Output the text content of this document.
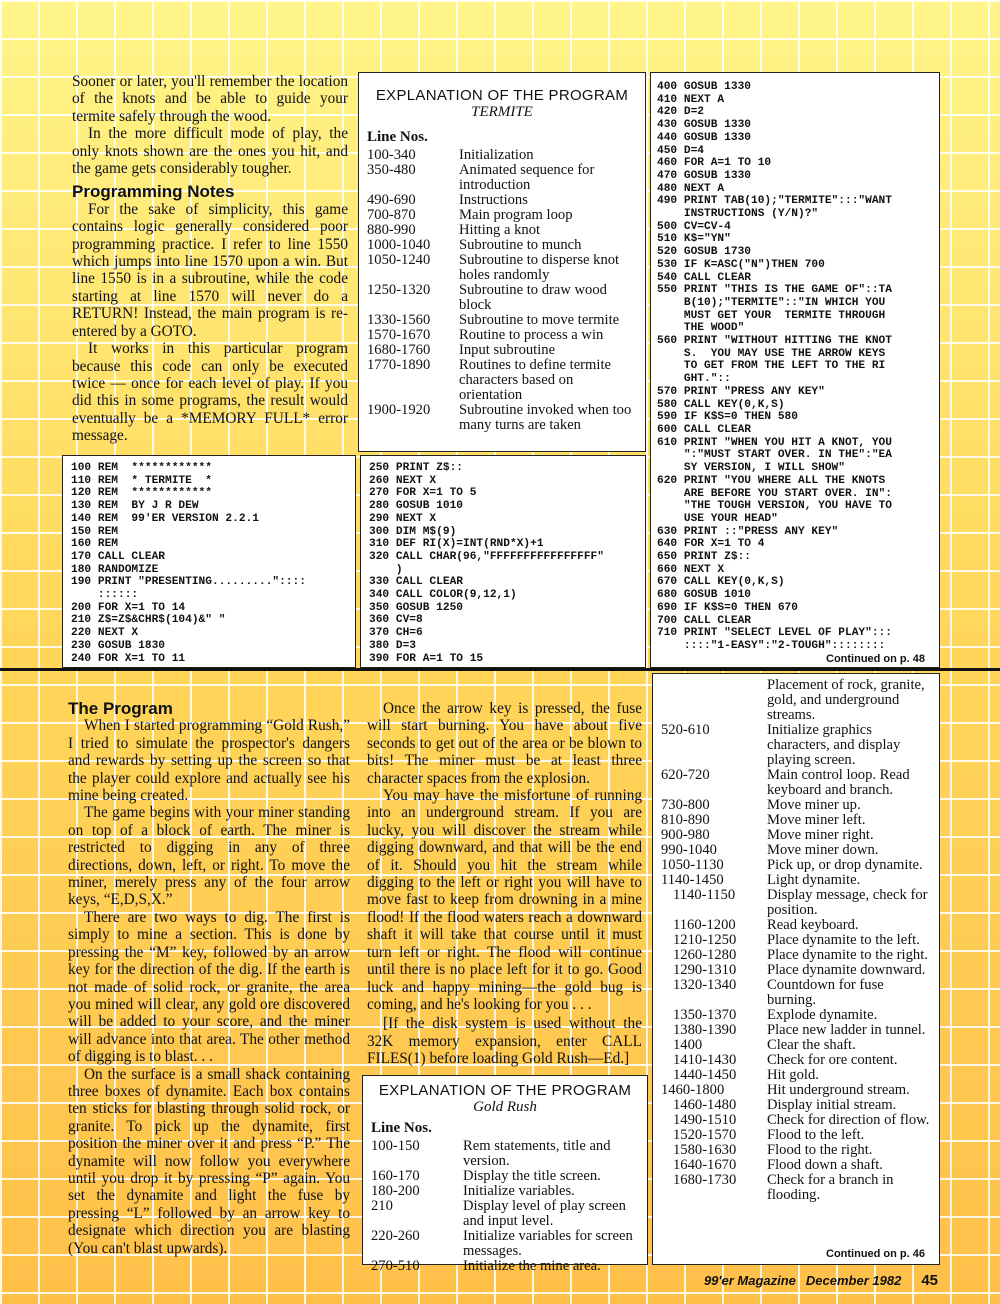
Sooner or later, you'll remember the location of the knots and be able to guide your termite safely through the wood.

In the more difficult mode of play, the only knots shown are the ones you hit, and the game gets considerably tougher.

Programming Notes

For the sake of simplicity, this game contains logic generally considered poor programming practice. I refer to line 1550 which jumps into line 1570 upon a win. But line 1550 is in a subroutine, while the code starting at line 1570 will never do a RETURN! Instead, the main program is re-entered by a GOTO.

It works in this particular program because this code can only be executed twice — once for each level of play. If you did this in some programs, the result would eventually be a *MEMORY FULL* error message.

EXPLANATION OF THE PROGRAM
TERMITE
Line Nos.
100-340	Initialization
350-480	Animated sequence for introduction
490-690	Instructions
700-870	Main program loop
880-990	Hitting a knot
1000-1040	Subroutine to munch
1050-1240	Subroutine to disperse knot holes randomly
1250-1320	Subroutine to draw wood block
1330-1560	Subroutine to move termite
1570-1670	Routine to process a win
1680-1760	Input subroutine
1770-1890	Routines to define termite characters based on orientation
1900-1920	Subroutine invoked when too many turns are taken
400 GOSUB 1330
410 NEXT A
420 D=2
430 GOSUB 1330
440 GOSUB 1330
450 D=4
460 FOR A=1 TO 10
470 GOSUB 1330
480 NEXT A
490 PRINT TAB(10);"TERMITE":::"WANT
INSTRUCTIONS (Y/N)?"
500 CV=CV-4
510 K$="YN"
520 GOSUB 1730
530 IF K=ASC("N")THEN 700
540 CALL CLEAR
550 PRINT "THIS IS THE GAME OF"::TA
B(10);"TERMITE"::"IN WHICH YOU
MUST GET YOUR  TERMITE THROUGH
THE WOOD"
560 PRINT "WITHOUT HITTING THE KNOT
S.  YOU MAY USE THE ARROW KEYS
TO GET FROM THE LEFT TO THE RI
GHT."::
570 PRINT "PRESS ANY KEY"
580 CALL KEY(0,K,S)
590 IF K$S=0 THEN 580
600 CALL CLEAR
610 PRINT "WHEN YOU HIT A KNOT, YOU
":"MUST START OVER. IN THE":"EA
SY VERSION, I WILL SHOW"
620 PRINT "YOU WHERE ALL THE KNOTS
ARE BEFORE YOU START OVER. IN":
"THE TOUGH VERSION, YOU HAVE TO
USE YOUR HEAD"
630 PRINT ::"PRESS ANY KEY"
640 FOR X=1 TO 4
650 PRINT Z$::
660 NEXT X
670 CALL KEY(0,K,S)
680 GOSUB 1010
690 IF K$S=0 THEN 670
700 CALL CLEAR
710 PRINT "SELECT LEVEL OF PLAY":::
::::"1-EASY":"2-TOUGH"::::::::
Continued on p. 48
100 REM  ************
110 REM  * TERMITE  *
120 REM  ************
130 REM  BY J R DEW
140 REM  99'ER VERSION 2.2.1
150 REM
160 REM
170 CALL CLEAR
180 RANDOMIZE
190 PRINT "PRESENTING........."::::
::::::
200 FOR X=1 TO 14
210 Z$=Z$&CHR$(104)&" "
220 NEXT X
230 GOSUB 1830
240 FOR X=1 TO 11
250 PRINT Z$::
260 NEXT X
270 FOR X=1 TO 5
280 GOSUB 1010
290 NEXT X
300 DIM M$(9)
310 DEF RI(X)=INT(RND*X)+1
320 CALL CHAR(96,"FFFFFFFFFFFFFFFF"
)
330 CALL CLEAR
340 CALL COLOR(9,12,1)
350 GOSUB 1250
360 CV=8
370 CH=6
380 D=3
390 FOR A=1 TO 15
The Program

When I started programming “Gold Rush,” I tried to simulate the prospector's dangers and rewards by setting up the screen so that the player could explore and actually see his mine being created.

The game begins with your miner standing on top of a block of earth. The miner is restricted to digging in any of three directions, down, left, or right. To move the miner, merely press any of the four arrow keys, “E,D,S,X.”

There are two ways to dig. The first is simply to mine a section. This is done by pressing the “M” key, followed by an arrow key for the direction of the dig. If the earth is not made of solid rock, or granite, the area you mined will clear, any gold ore discovered will be added to your score, and the miner will advance into that area. The other method of digging is to blast. . .

On the surface is a small shack containing three boxes of dynamite. Each box contains ten sticks for blasting through solid rock, or granite. To pick up the dynamite, first position the miner over it and press “P.” The dynamite will now follow you everywhere until you drop it by pressing “P” again. You set the dynamite and light the fuse by pressing “L” followed by an arrow key to designate which direction you are blasting (You can't blast upwards).

Once the arrow key is pressed, the fuse will start burning. You have about five seconds to get out of the area or be blown to bits! The miner must be at least three character spaces from the explosion.

You may have the misfortune of running into an underground stream. If you are lucky, you will discover the stream while digging downward, and that will be the end of it. Should you hit the stream while digging to the left or right you will have to move fast to keep from drowning in a mine flood! If the flood waters reach a downward shaft it will take that course until it must turn left or right. The flood will continue until there is no place left for it to go. Good luck and happy mining—the gold bug is coming, and he's looking for you . . .

[If the disk system is used without the 32K memory expansion, enter CALL FILES(1) before loading Gold Rush—Ed.]

EXPLANATION OF THE PROGRAM
Gold Rush
Line Nos.
100-150	Rem statements, title and version.
160-170	Display the title screen.
180-200	Initialize variables.
210	Display level of play screen and input level.
220-260	Initialize variables for screen messages.
270-510	Initialize the mine area.
	Placement of rock, granite, gold, and underground streams.
520-610	Initialize graphics characters, and display playing screen.
620-720	Main control loop. Read keyboard and branch.
730-800	Move miner up.
810-890	Move miner left.
900-980	Move miner right.
990-1040	Move miner down.
1050-1130	Pick up, or drop dynamite.
1140-1450	Light dynamite.
1140-1150	Display message, check for position.
1160-1200	Read keyboard.
1210-1250	Place dynamite to the left.
1260-1280	Place dynamite to the right.
1290-1310	Place dynamite downward.
1320-1340	Countdown for fuse burning.
1350-1370	Explode dynamite.
1380-1390	Place new ladder in tunnel.
1400	Clear the shaft.
1410-1430	Check for ore content.
1440-1450	Hit gold.
1460-1800	Hit underground stream.
1460-1480	Display initial stream.
1490-1510	Check for direction of flow.
1520-1570	Flood to the left.
1580-1630	Flood to the right.
1640-1670	Flood down a shaft.
1680-1730	Check for a branch in flooding.
Continued on p. 46
99'er Magazine December 1982 45
